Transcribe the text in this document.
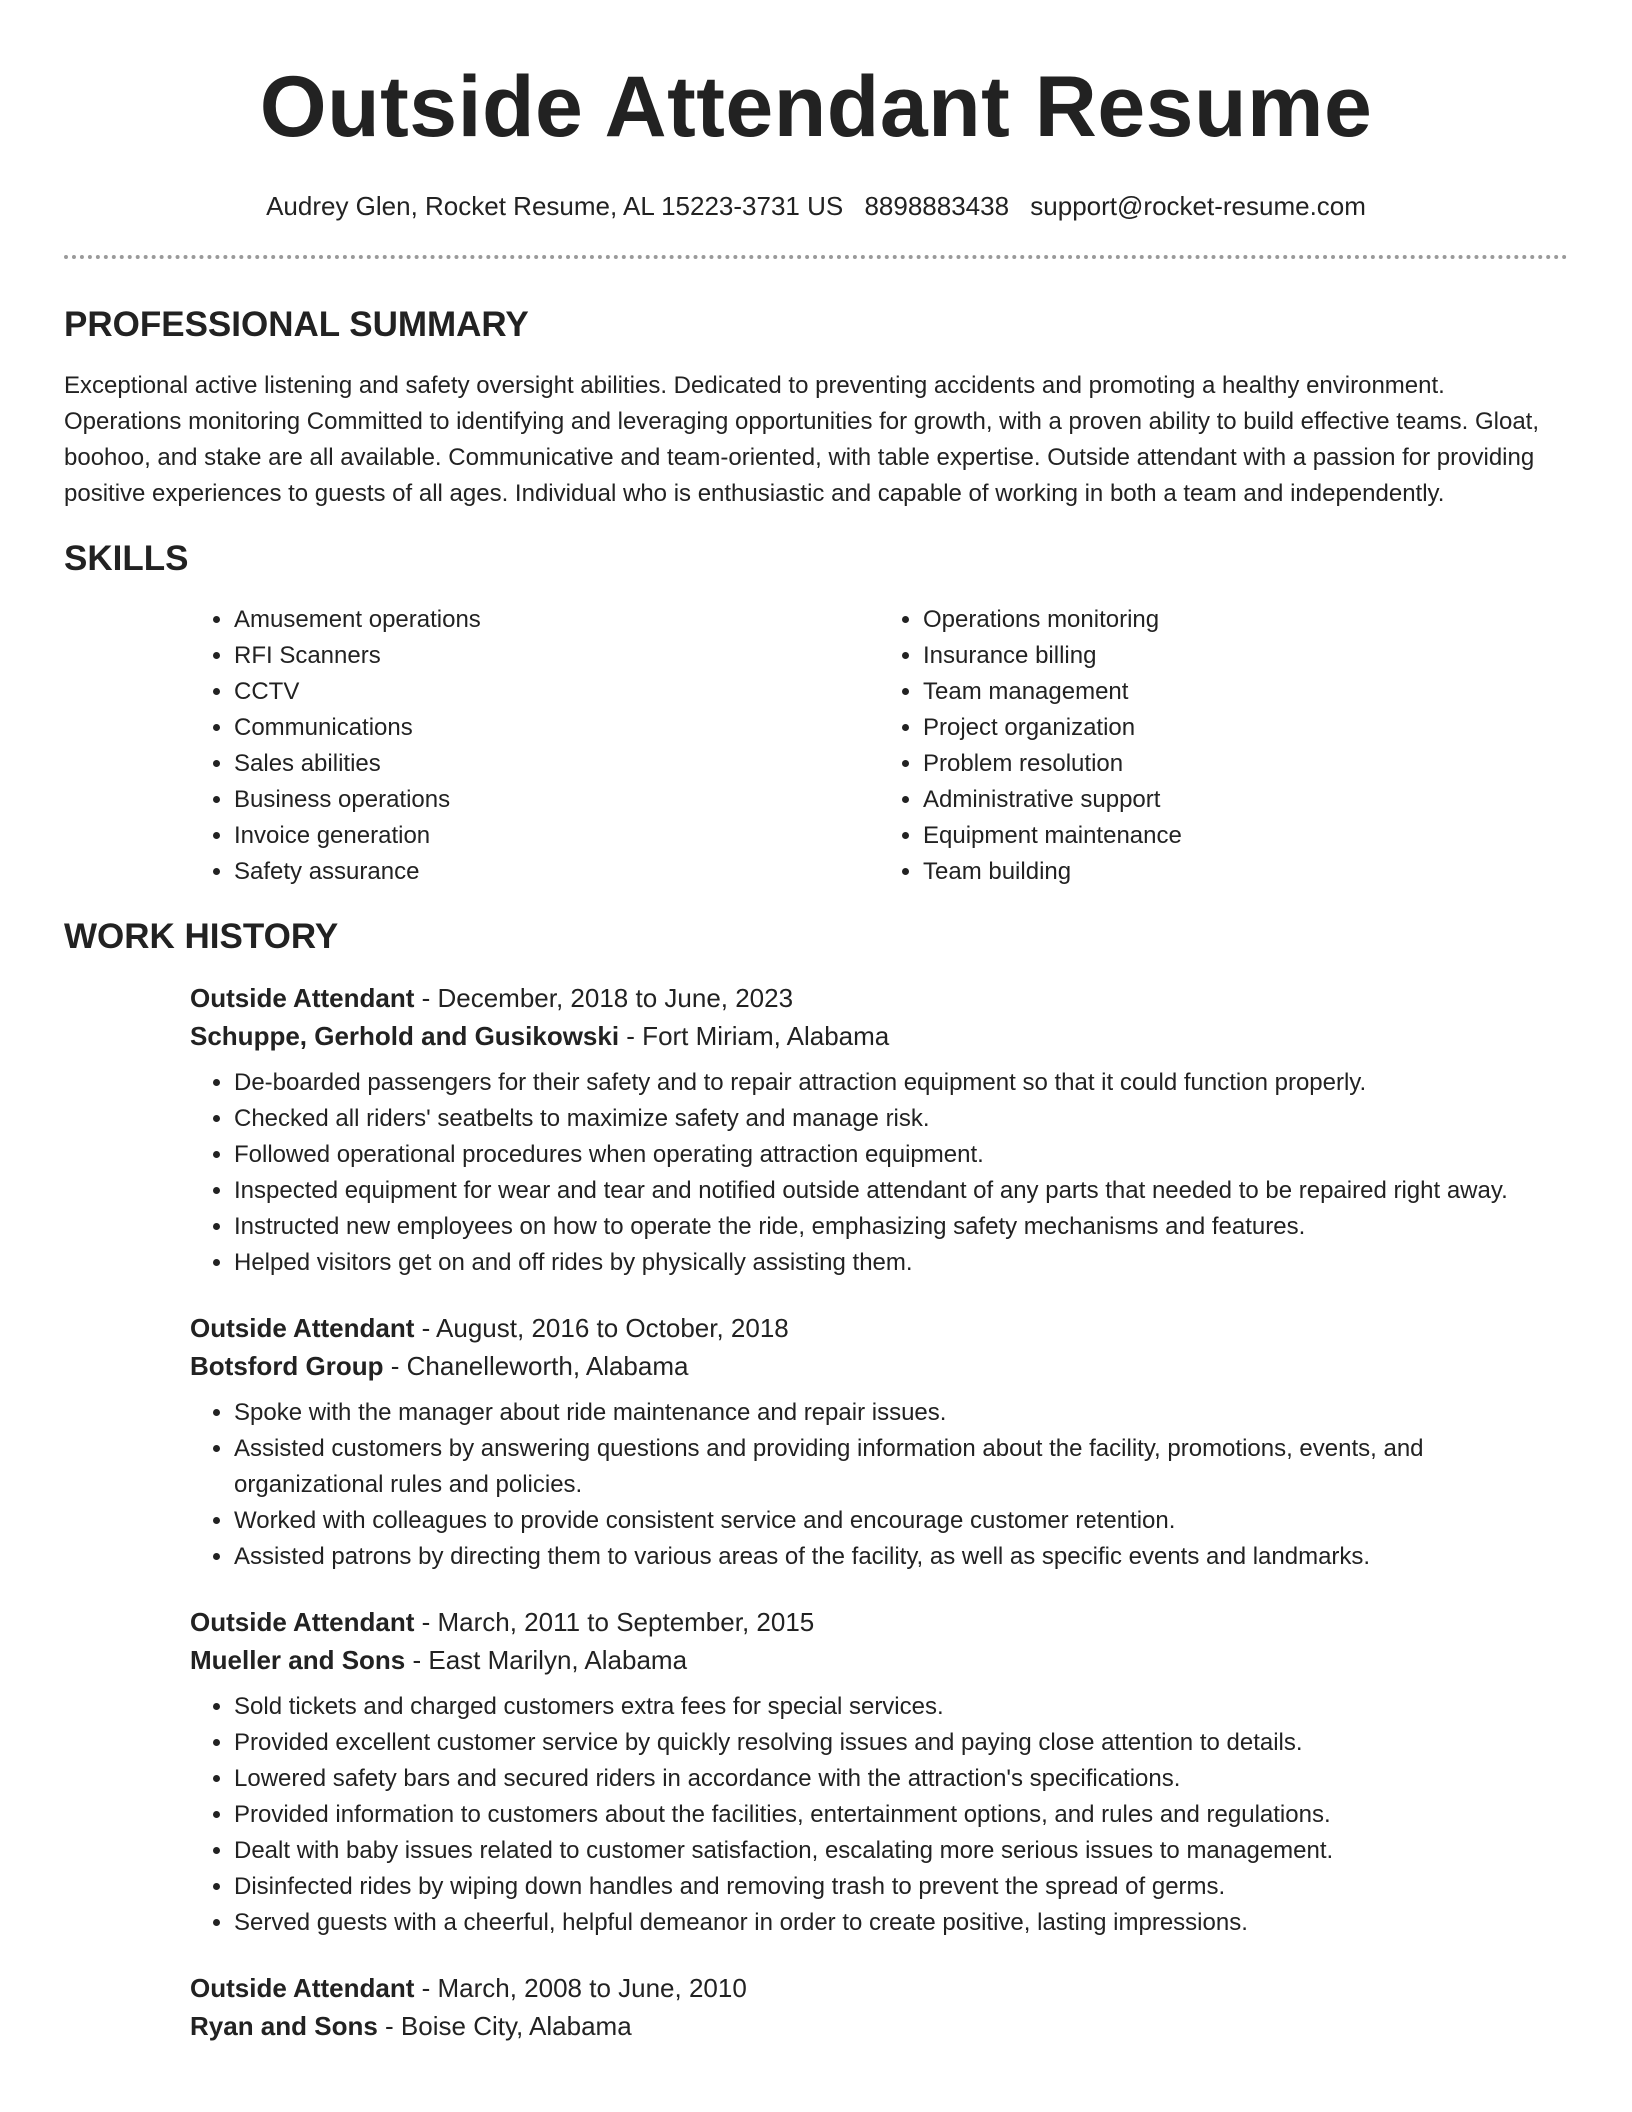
Outside Attendant Resume
Audrey Glen, Rocket Resume, AL 15223-3731 US 8898883438 support@rocket-resume.com
PROFESSIONAL SUMMARY

Exceptional active listening and safety oversight abilities. Dedicated to preventing accidents and promoting a healthy environment. Operations monitoring Committed to identifying and leveraging opportunities for growth, with a proven ability to build effective teams. Gloat, boohoo, and stake are all available. Communicative and team-oriented, with table expertise. Outside attendant with a passion for providing positive experiences to guests of all ages. Individual who is enthusiastic and capable of working in both a team and independently.

SKILLS
• Amusement operations
• RFI Scanners
• CCTV
• Communications
• Sales abilities
• Business operations
• Invoice generation
• Safety assurance
• Operations monitoring
• Insurance billing
• Team management
• Project organization
• Problem resolution
• Administrative support
• Equipment maintenance
• Team building
WORK HISTORY
Outside Attendant - December, 2018 to June, 2023
Schuppe, Gerhold and Gusikowski - Fort Miriam, Alabama
• De-boarded passengers for their safety and to repair attraction equipment so that it could function properly.
• Checked all riders' seatbelts to maximize safety and manage risk.
• Followed operational procedures when operating attraction equipment.
• Inspected equipment for wear and tear and notified outside attendant of any parts that needed to be repaired right away.
• Instructed new employees on how to operate the ride, emphasizing safety mechanisms and features.
• Helped visitors get on and off rides by physically assisting them.
Outside Attendant - August, 2016 to October, 2018
Botsford Group - Chanelleworth, Alabama
• Spoke with the manager about ride maintenance and repair issues.
• Assisted customers by answering questions and providing information about the facility, promotions, events, and organizational rules and policies.
• Worked with colleagues to provide consistent service and encourage customer retention.
• Assisted patrons by directing them to various areas of the facility, as well as specific events and landmarks.
Outside Attendant - March, 2011 to September, 2015
Mueller and Sons - East Marilyn, Alabama
• Sold tickets and charged customers extra fees for special services.
• Provided excellent customer service by quickly resolving issues and paying close attention to details.
• Lowered safety bars and secured riders in accordance with the attraction's specifications.
• Provided information to customers about the facilities, entertainment options, and rules and regulations.
• Dealt with baby issues related to customer satisfaction, escalating more serious issues to management.
• Disinfected rides by wiping down handles and removing trash to prevent the spread of germs.
• Served guests with a cheerful, helpful demeanor in order to create positive, lasting impressions.
Outside Attendant - March, 2008 to June, 2010
Ryan and Sons - Boise City, Alabama
